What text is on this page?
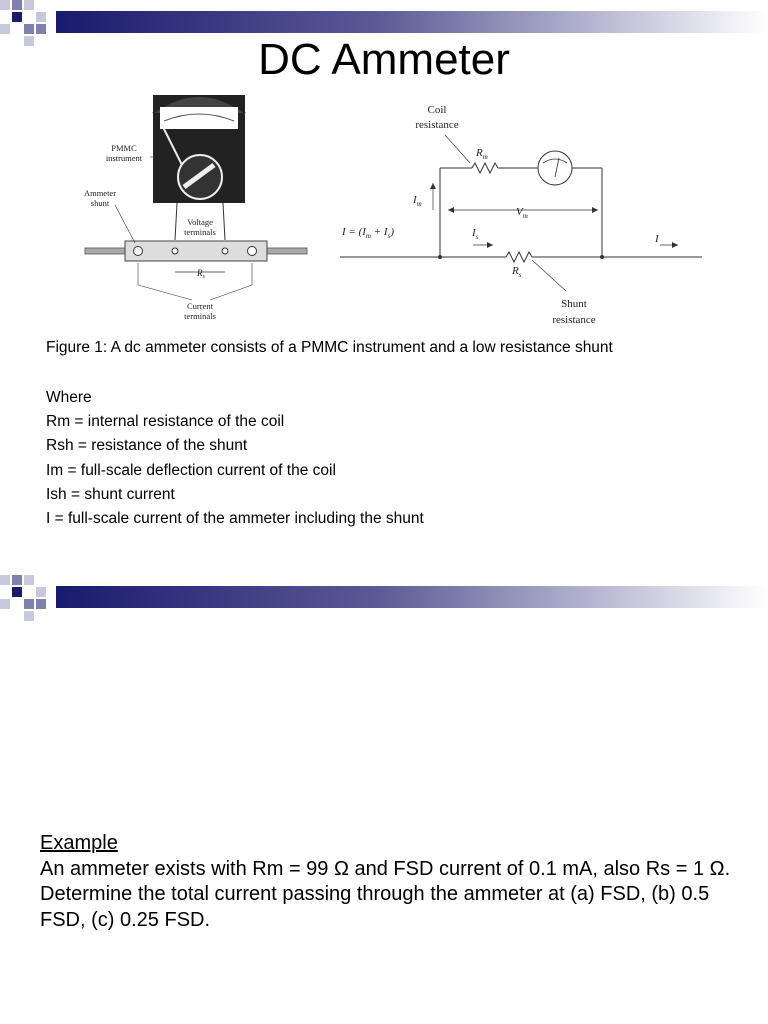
DC Ammeter
PMMC
instrument
Ammeter
shunt
Voltage
terminals
$R_s$
Current
terminals
Coil
resistance
$R_m$
$I_m$
$V_m$
$I = (I_m + I_s)$	$I_s$
$R_s$
I
Shunt
resistance
Figure 1: A dc ammeter consists of a PMMC instrument and a low resistance shunt
Where
Rm = internal resistance of the coil
Rsh = resistance of the shunt
Im = full-scale deflection current of the coil
Ish = shunt current
I = full-scale current of the ammeter including the shunt
Example
An ammeter exists with Rm = 99 Ω and FSD current of 0.1 mA, also Rs = 1 Ω. Determine the total current passing through the ammeter at (a) FSD, (b) 0.5 FSD, (c) 0.25 FSD.
